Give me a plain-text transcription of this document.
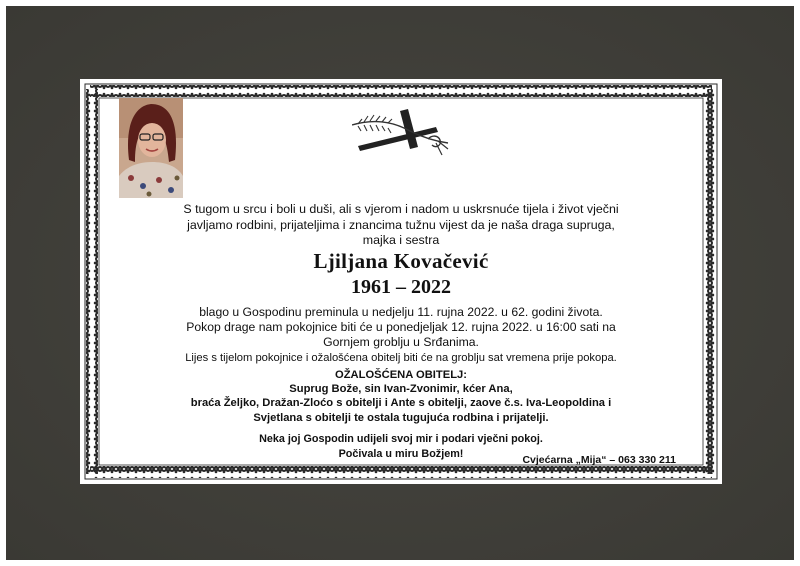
S tugom u srcu i boli u duši, ali s vjerom i nadom u uskrsnuće tijela i život vječni
javljamo rodbini, prijateljima i znancima tužnu vijest da je naša draga supruga,
majka i sestra
Ljiljana Kovačević
1961 – 2022
blago u Gospodinu preminula u nedjelju 11. rujna 2022. u 62. godini života.
Pokop drage nam pokojnice biti će u ponedjeljak 12. rujna 2022. u 16:00 sati na
Gornjem groblju u Srđanima.
Lijes s tijelom pokojnice i ožalošćena obitelj biti će na groblju sat vremena prije pokopa.
OŽALOŠĆENA OBITELJ:
Suprug Bože, sin Ivan-Zvonimir, kćer Ana,
braća Željko, Dražan-Zloćo s obitelji i Ante s obitelji, zaove č.s. Iva-Leopoldina i
Svjetlana s obitelji te ostala tugujuća rodbina i prijatelji.
Neka joj Gospodin udijeli svoj mir i podari vječni pokoj.
Počivala u miru Božjem!
Cvjećarna „Mija“ – 063 330 211
